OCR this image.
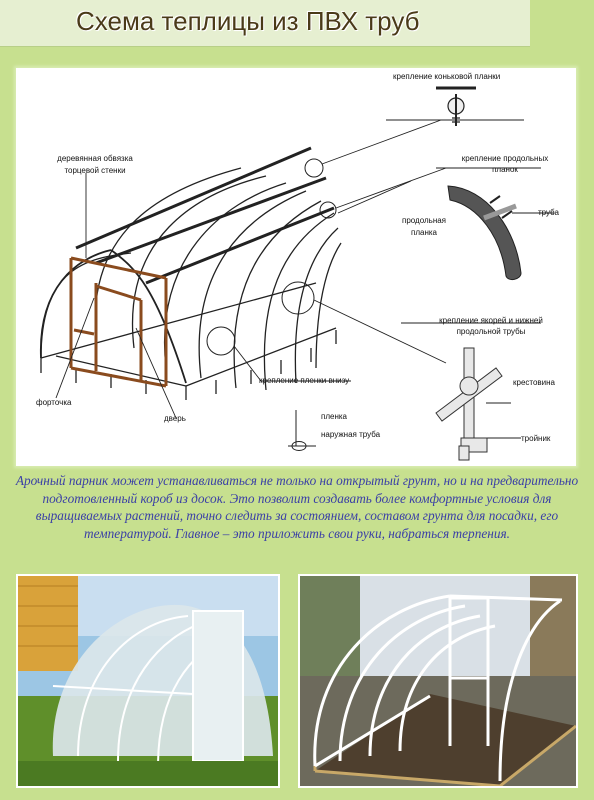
Схема теплицы из ПВХ труб
крепление коньковой планки
деревянная обвязка
торцевой стенки
крепление продольных
планок
труба
продольная
планка
крепление якорей и нижней
продольной трубы
крестовина
тройник
форточка
дверь
крепление пленки внизу
пленка
наружная труба
Арочный парник может устанавливаться не только на открытый грунт, но и на предварительно подготовленный короб из досок. Это позволит создавать более комфортные условия для выращиваемых растений, точно следить за состоянием, составом грунта для посадки, его температурой. Главное – это приложить свои руки, набраться терпения.
